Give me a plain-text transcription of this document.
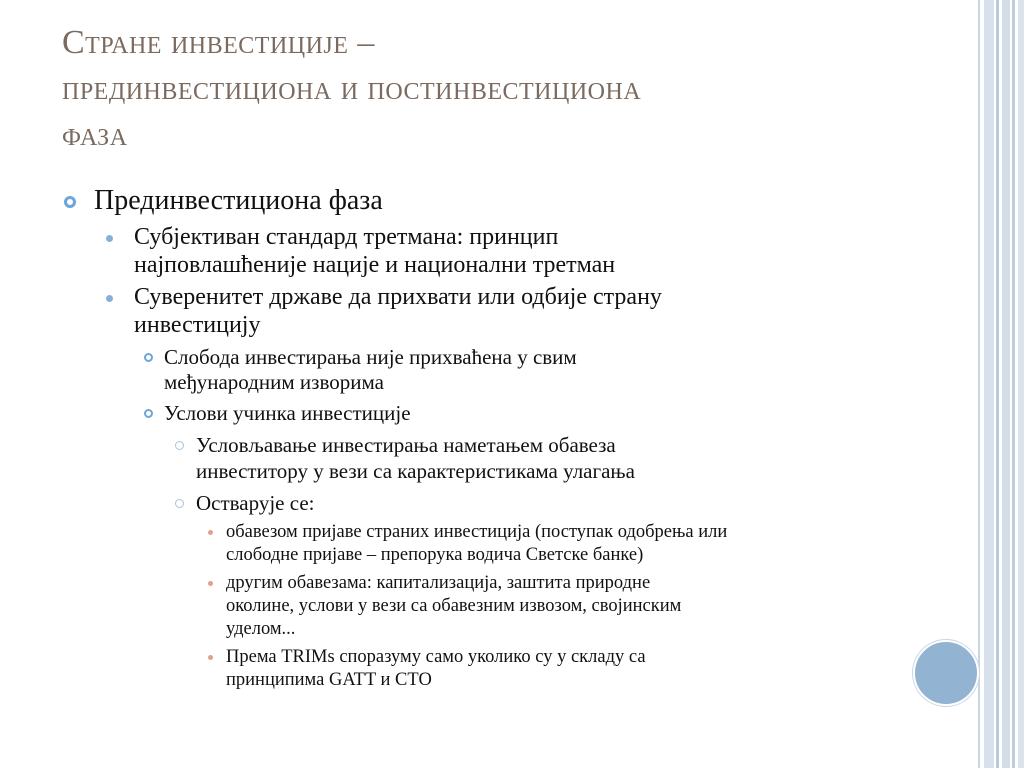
Стране инвестиције –
прединвестициона и постинвестициона
фаза
Прединвестициона фаза
Субјективан стандард третмана: принцип
најповлашћеније нације и национални третман
Суверенитет државе да прихвати или одбије страну
инвестицију
Слобода инвестирања није прихваћена у свим
међународним изворима
Услови учинка инвестиције
Условљавање инвестирања наметањем обавеза
инвеститору у вези са карактеристикама улагања
Остварује се:
обавезом пријаве страних инвестиција (поступак одобрења или
слободне пријаве – препорука водича Светске банке)
другим обавезама: капитализација, заштита природне
околине, услови у вези са обавезним извозом, својинским
уделом...
Према TRIMs споразуму само уколико су у складу са
принципима GATT и СТО
